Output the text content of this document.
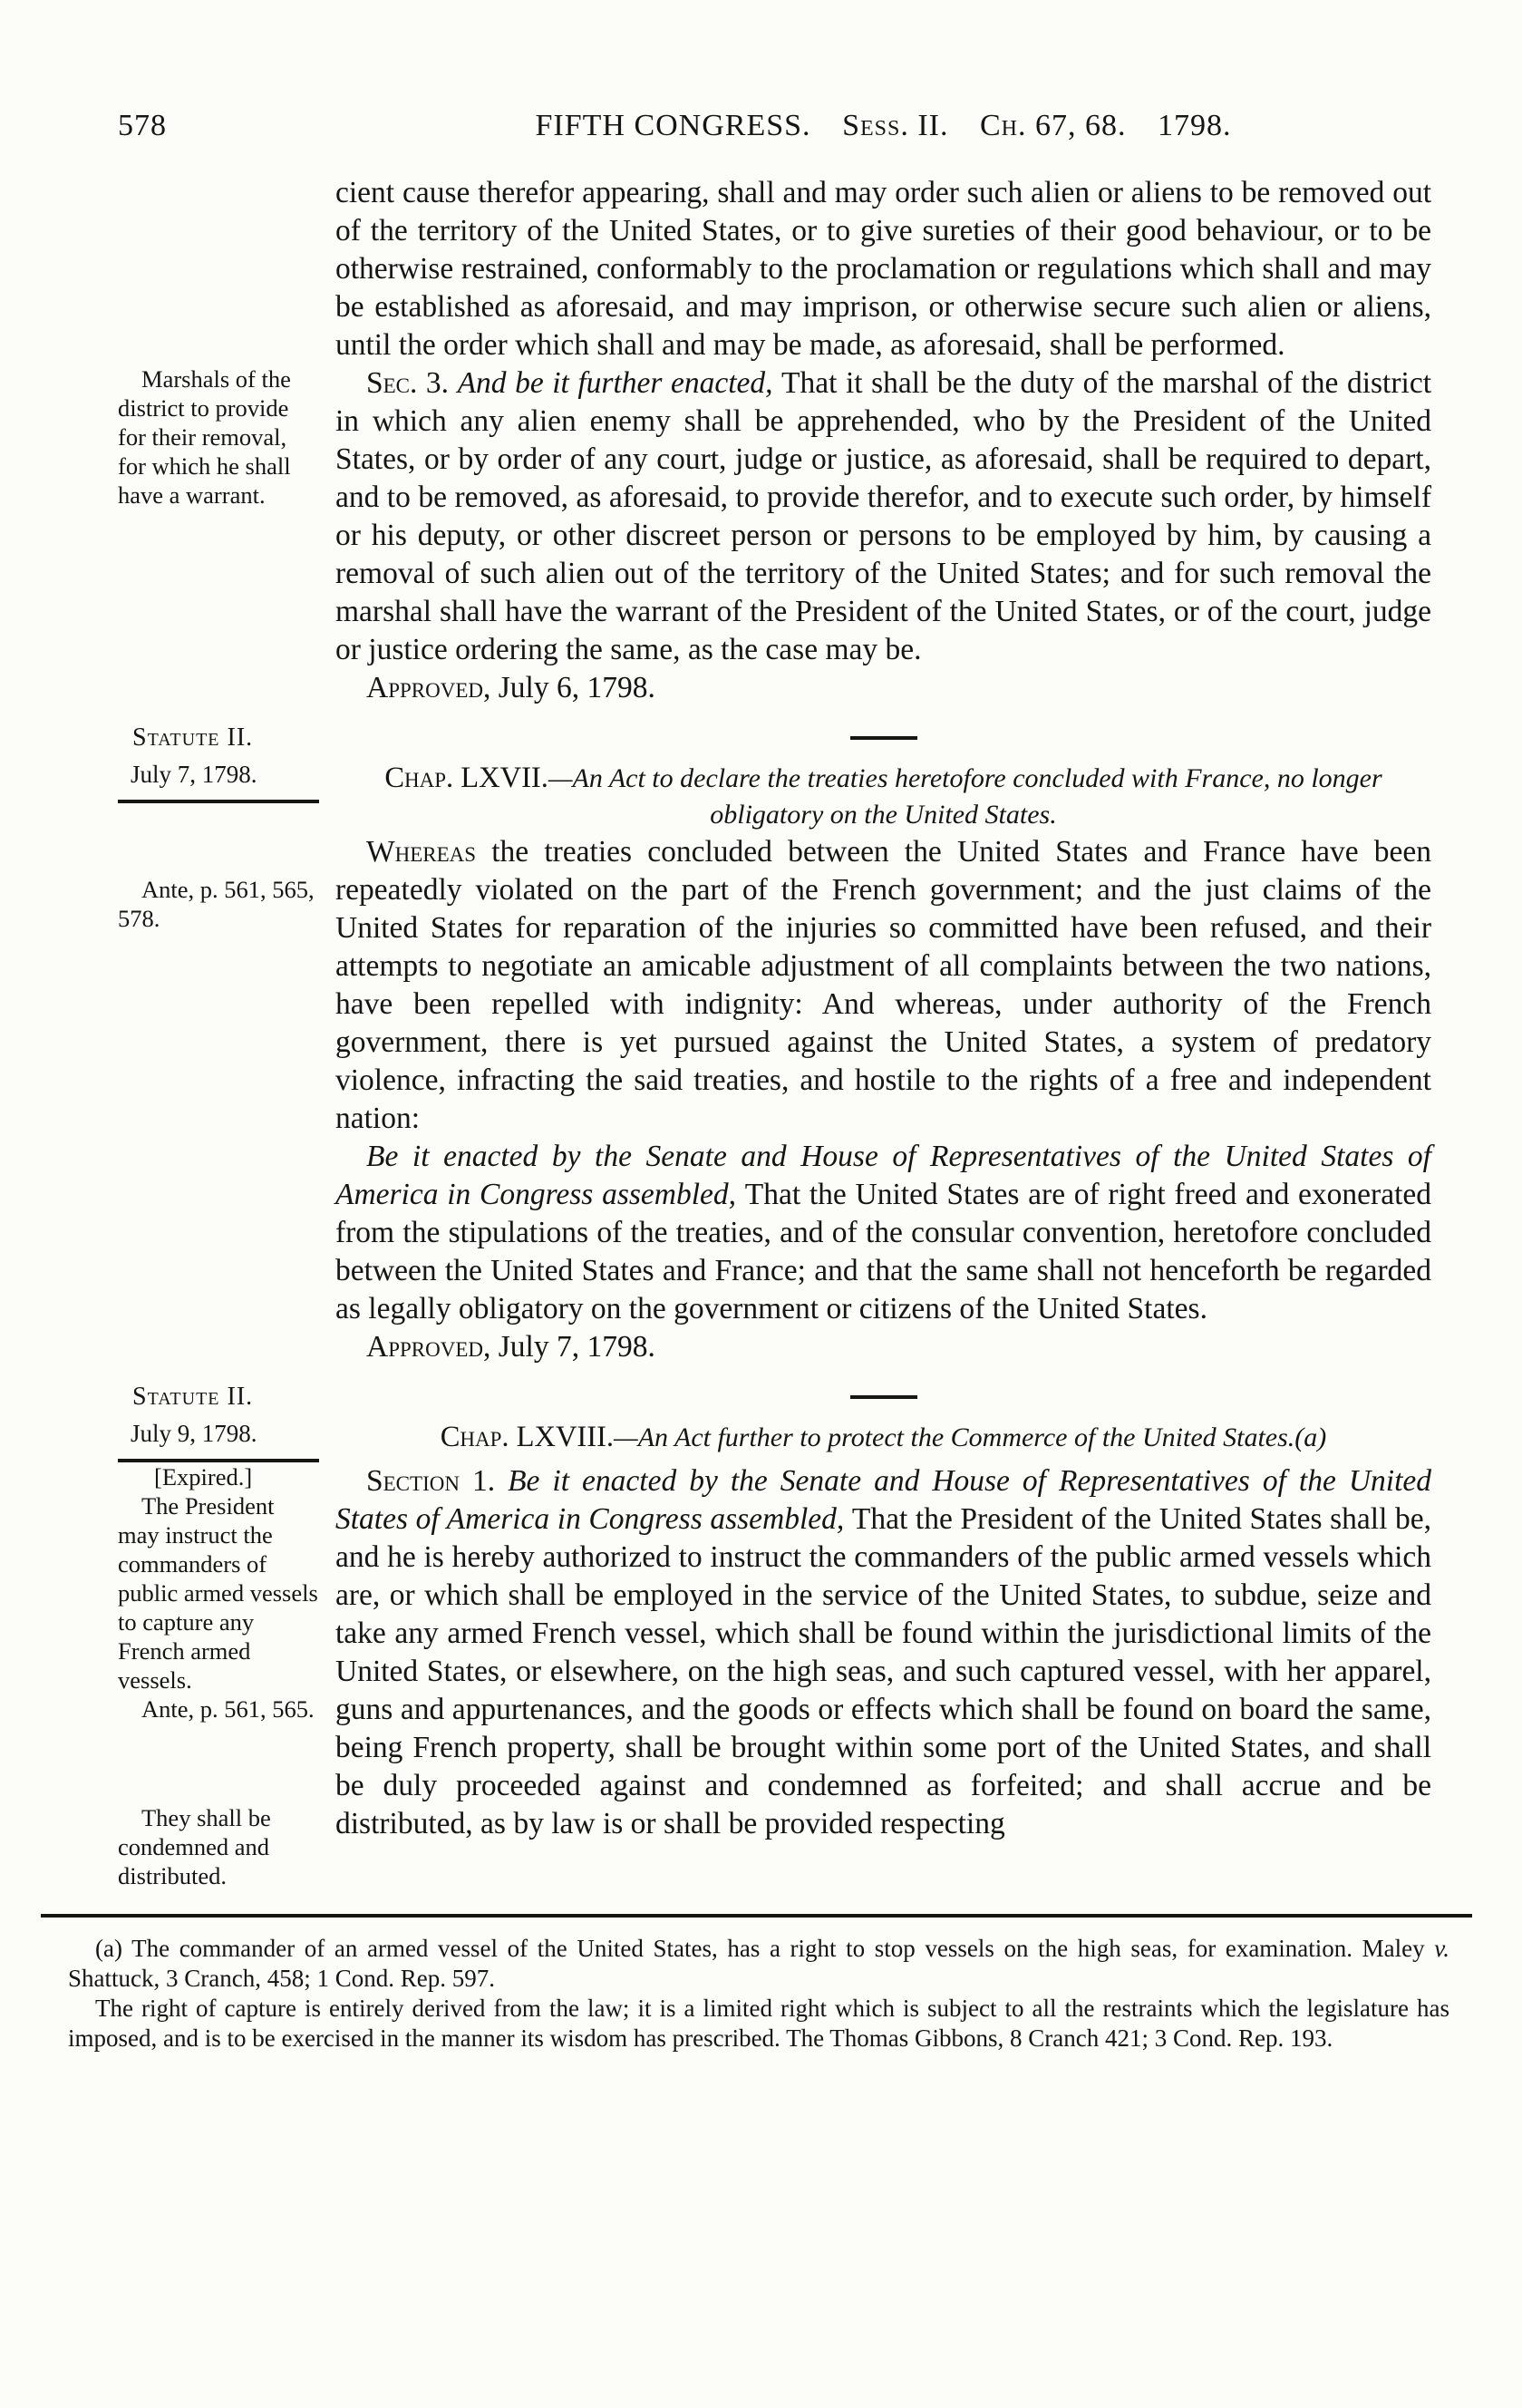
578	FIFTH CONGRESS. Sess. II. Ch. 67, 68. 1798.

cient cause therefor appearing, shall and may order such alien or aliens to be removed out of the territory of the United States, or to give sureties of their good behaviour, or to be otherwise restrained, conformably to the proclamation or regulations which shall and may be established as aforesaid, and may imprison, or otherwise secure such alien or aliens, until the order which shall and may be made, as aforesaid, shall be performed.

Marshals of the district to provide for their removal, for which he shall have a warrant.

Sec. 3. And be it further enacted, That it shall be the duty of the marshal of the district in which any alien enemy shall be apprehended, who by the President of the United States, or by order of any court, judge or justice, as aforesaid, shall be required to depart, and to be removed, as aforesaid, to provide therefor, and to execute such order, by himself or his deputy, or other discreet person or persons to be employed by him, by causing a removal of such alien out of the territory of the United States; and for such removal the marshal shall have the warrant of the President of the United States, or of the court, judge or justice ordering the same, as the case may be.

Approved, July 6, 1798.

Statute II.
July 7, 1798.	Chap. LXVII.—An Act to declare the treaties heretofore concluded with France, no longer obligatory on the United States.

Ante, p. 561, 565, 578.

Whereas the treaties concluded between the United States and France have been repeatedly violated on the part of the French government; and the just claims of the United States for reparation of the injuries so committed have been refused, and their attempts to negotiate an amicable adjustment of all complaints between the two nations, have been repelled with indignity: And whereas, under authority of the French government, there is yet pursued against the United States, a system of predatory violence, infracting the said treaties, and hostile to the rights of a free and independent nation:

Be it enacted by the Senate and House of Representatives of the United States of America in Congress assembled, That the United States are of right freed and exonerated from the stipulations of the treaties, and of the consular convention, heretofore concluded between the United States and France; and that the same shall not henceforth be regarded as legally obligatory on the government or citizens of the United States.

Approved, July 7, 1798.

Statute II.
July 9, 1798.	Chap. LXVIII.—An Act further to protect the Commerce of the United States.(a)

[Expired.]

The President may instruct the commanders of public armed vessels to capture any French armed vessels.

Ante, p. 561, 565.

They shall be condemned and distributed.

Section 1. Be it enacted by the Senate and House of Representatives of the United States of America in Congress assembled, That the President of the United States shall be, and he is hereby authorized to instruct the commanders of the public armed vessels which are, or which shall be employed in the service of the United States, to subdue, seize and take any armed French vessel, which shall be found within the jurisdictional limits of the United States, or elsewhere, on the high seas, and such captured vessel, with her apparel, guns and appurtenances, and the goods or effects which shall be found on board the same, being French property, shall be brought within some port of the United States, and shall be duly proceeded against and condemned as forfeited; and shall accrue and be distributed, as by law is or shall be provided respecting

(a) The commander of an armed vessel of the United States, has a right to stop vessels on the high seas, for examination. Maley v. Shattuck, 3 Cranch, 458; 1 Cond. Rep. 597.

The right of capture is entirely derived from the law; it is a limited right which is subject to all the restraints which the legislature has imposed, and is to be exercised in the manner its wisdom has prescribed. The Thomas Gibbons, 8 Cranch 421; 3 Cond. Rep. 193.
